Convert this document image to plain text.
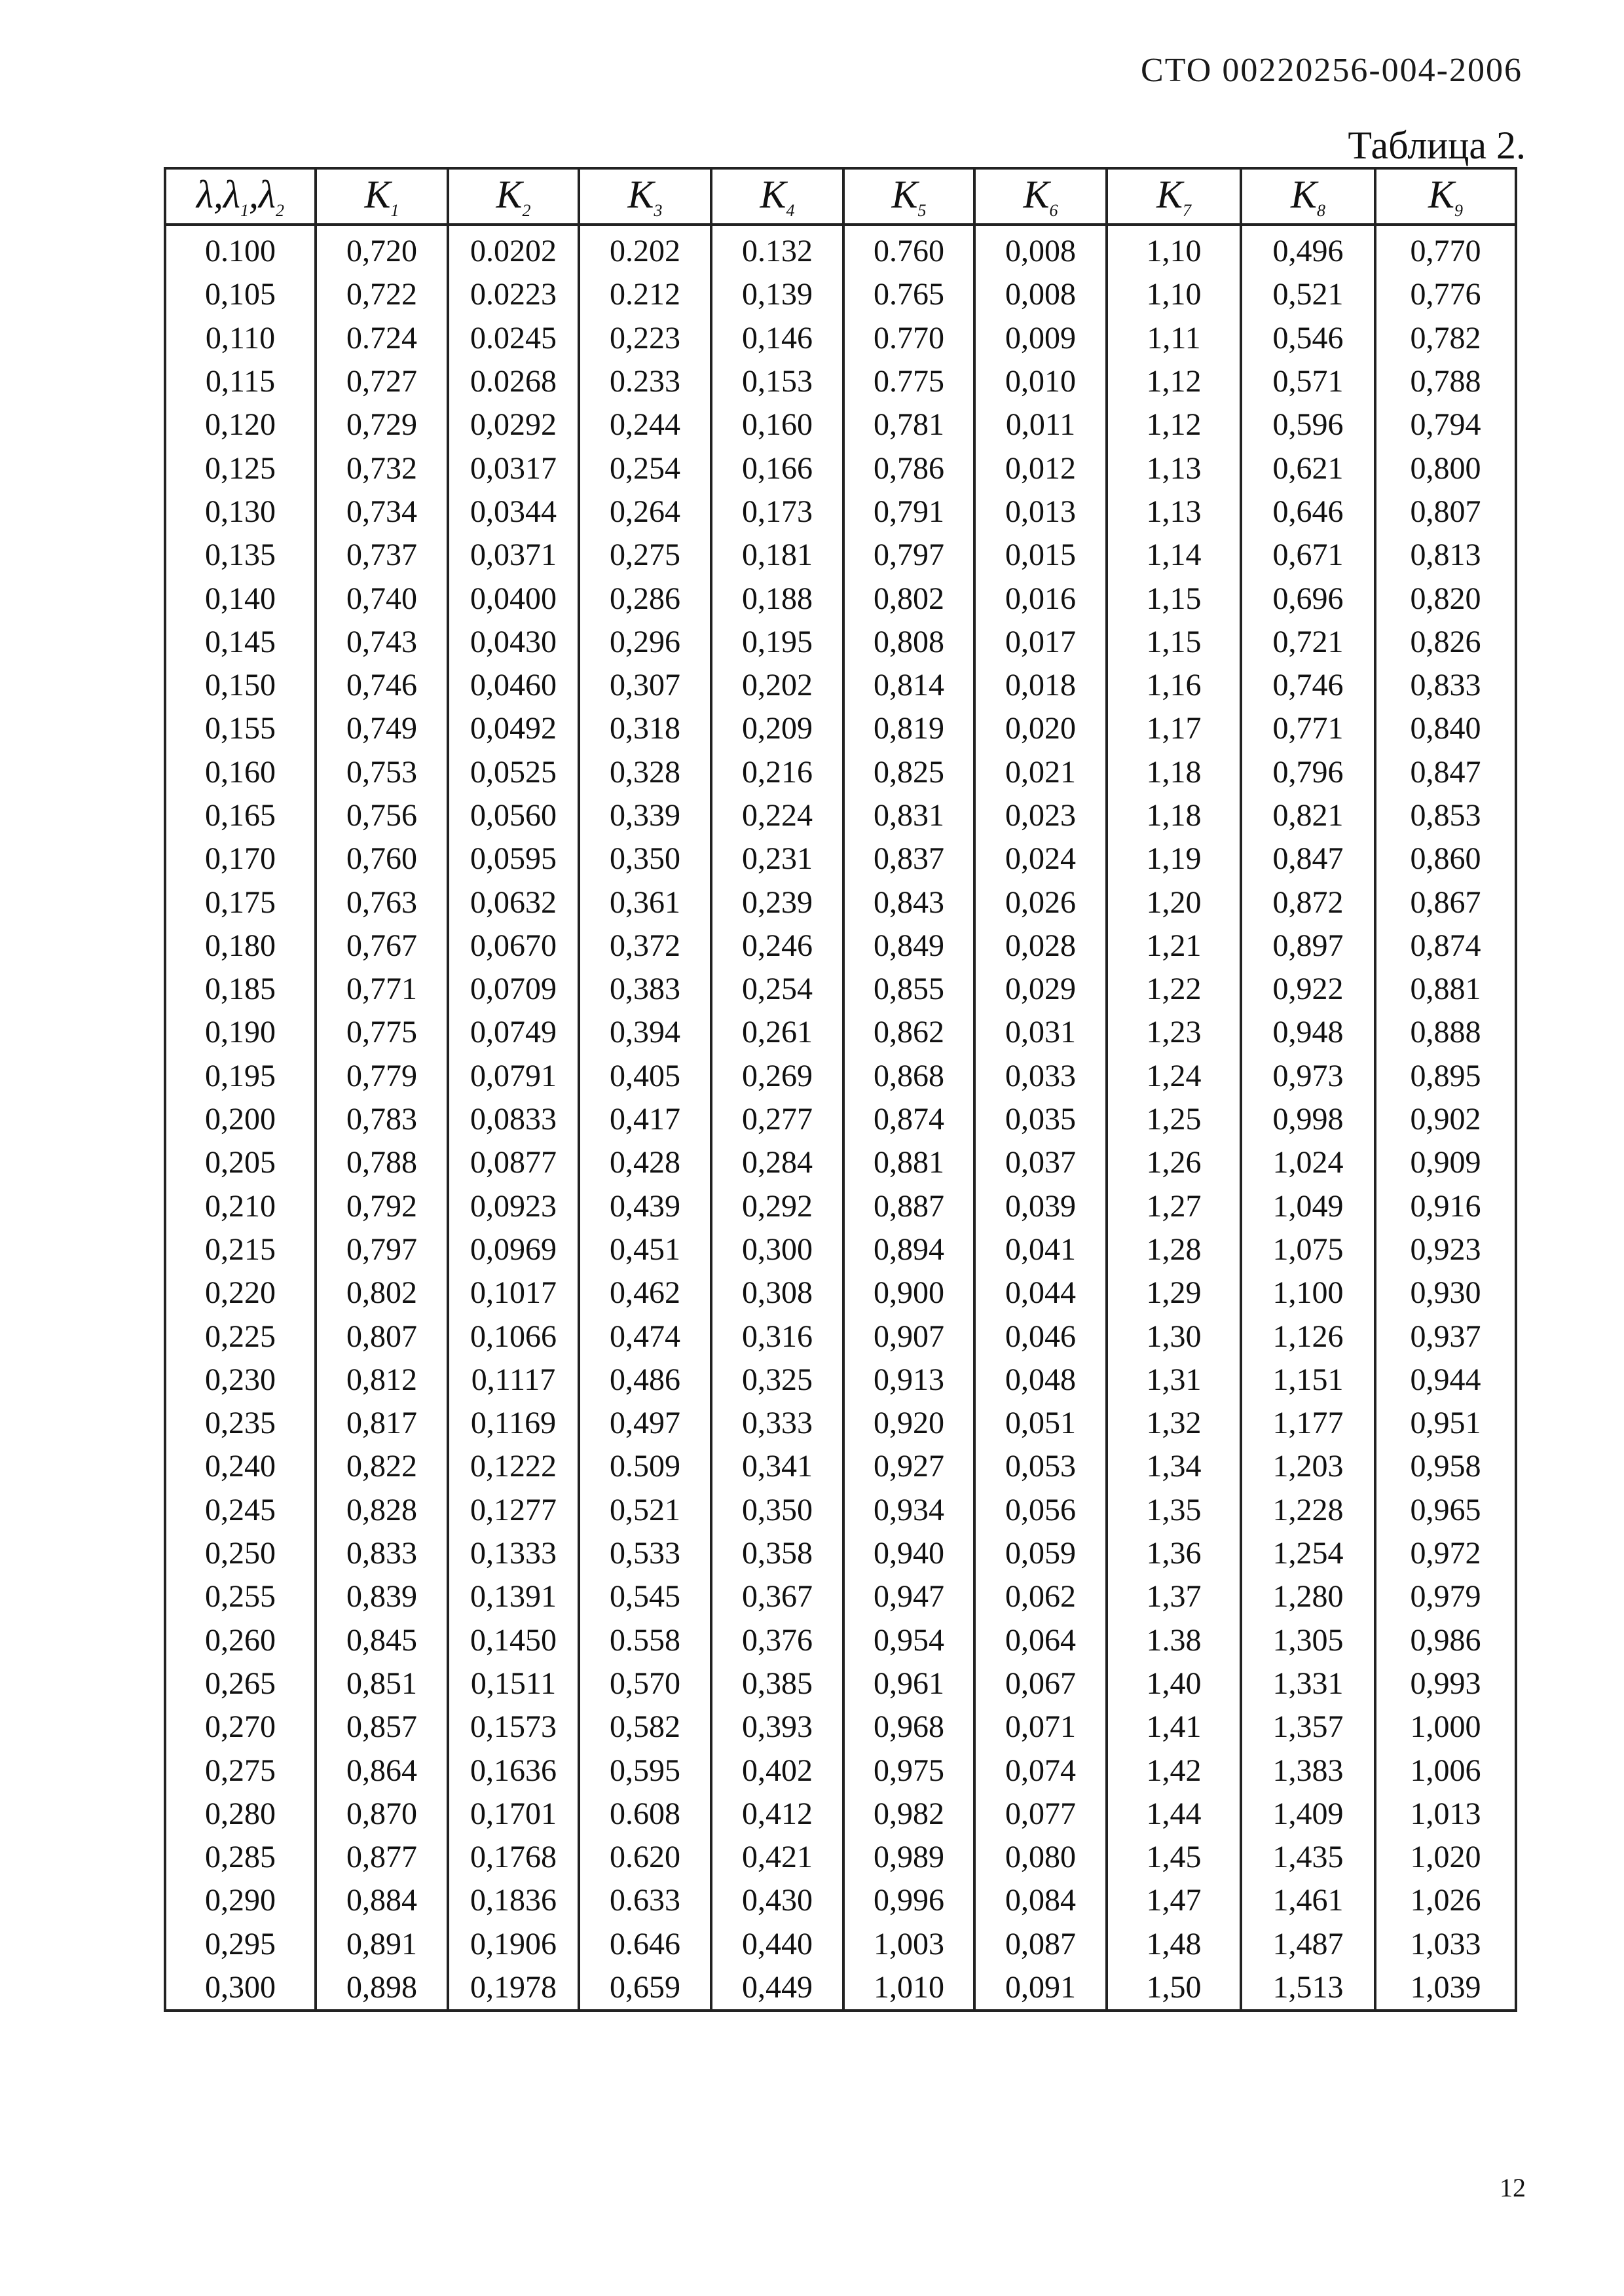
СТО 00220256-004-2006
Таблица 2.
$\lambda,\lambda_1,\lambda_2$	$K_1$	$K_2$	$K_3$	$K_4$	$K_5$	$K_6$	$K_7$	$K_8$	$K_9$
0.100	0,720	0.0202	0.202	0.132	0.760	0,008	1,10	0,496	0,770
0,105	0,722	0.0223	0.212	0,139	0.765	0,008	1,10	0,521	0,776
0,110	0.724	0.0245	0,223	0,146	0.770	0,009	1,11	0,546	0,782
0,115	0,727	0.0268	0.233	0,153	0.775	0,010	1,12	0,571	0,788
0,120	0,729	0,0292	0,244	0,160	0,781	0,011	1,12	0,596	0,794
0,125	0,732	0,0317	0,254	0,166	0,786	0,012	1,13	0,621	0,800
0,130	0,734	0,0344	0,264	0,173	0,791	0,013	1,13	0,646	0,807
0,135	0,737	0,0371	0,275	0,181	0,797	0,015	1,14	0,671	0,813
0,140	0,740	0,0400	0,286	0,188	0,802	0,016	1,15	0,696	0,820
0,145	0,743	0,0430	0,296	0,195	0,808	0,017	1,15	0,721	0,826
0,150	0,746	0,0460	0,307	0,202	0,814	0,018	1,16	0,746	0,833
0,155	0,749	0,0492	0,318	0,209	0,819	0,020	1,17	0,771	0,840
0,160	0,753	0,0525	0,328	0,216	0,825	0,021	1,18	0,796	0,847
0,165	0,756	0,0560	0,339	0,224	0,831	0,023	1,18	0,821	0,853
0,170	0,760	0,0595	0,350	0,231	0,837	0,024	1,19	0,847	0,860
0,175	0,763	0,0632	0,361	0,239	0,843	0,026	1,20	0,872	0,867
0,180	0,767	0,0670	0,372	0,246	0,849	0,028	1,21	0,897	0,874
0,185	0,771	0,0709	0,383	0,254	0,855	0,029	1,22	0,922	0,881
0,190	0,775	0,0749	0,394	0,261	0,862	0,031	1,23	0,948	0,888
0,195	0,779	0,0791	0,405	0,269	0,868	0,033	1,24	0,973	0,895
0,200	0,783	0,0833	0,417	0,277	0,874	0,035	1,25	0,998	0,902
0,205	0,788	0,0877	0,428	0,284	0,881	0,037	1,26	1,024	0,909
0,210	0,792	0,0923	0,439	0,292	0,887	0,039	1,27	1,049	0,916
0,215	0,797	0,0969	0,451	0,300	0,894	0,041	1,28	1,075	0,923
0,220	0,802	0,1017	0,462	0,308	0,900	0,044	1,29	1,100	0,930
0,225	0,807	0,1066	0,474	0,316	0,907	0,046	1,30	1,126	0,937
0,230	0,812	0,1117	0,486	0,325	0,913	0,048	1,31	1,151	0,944
0,235	0,817	0,1169	0,497	0,333	0,920	0,051	1,32	1,177	0,951
0,240	0,822	0,1222	0.509	0,341	0,927	0,053	1,34	1,203	0,958
0,245	0,828	0,1277	0,521	0,350	0,934	0,056	1,35	1,228	0,965
0,250	0,833	0,1333	0,533	0,358	0,940	0,059	1,36	1,254	0,972
0,255	0,839	0,1391	0,545	0,367	0,947	0,062	1,37	1,280	0,979
0,260	0,845	0,1450	0.558	0,376	0,954	0,064	1.38	1,305	0,986
0,265	0,851	0,1511	0,570	0,385	0,961	0,067	1,40	1,331	0,993
0,270	0,857	0,1573	0,582	0,393	0,968	0,071	1,41	1,357	1,000
0,275	0,864	0,1636	0,595	0,402	0,975	0,074	1,42	1,383	1,006
0,280	0,870	0,1701	0.608	0,412	0,982	0,077	1,44	1,409	1,013
0,285	0,877	0,1768	0.620	0,421	0,989	0,080	1,45	1,435	1,020
0,290	0,884	0,1836	0.633	0,430	0,996	0,084	1,47	1,461	1,026
0,295	0,891	0,1906	0.646	0,440	1,003	0,087	1,48	1,487	1,033
0,300	0,898	0,1978	0,659	0,449	1,010	0,091	1,50	1,513	1,039
12
